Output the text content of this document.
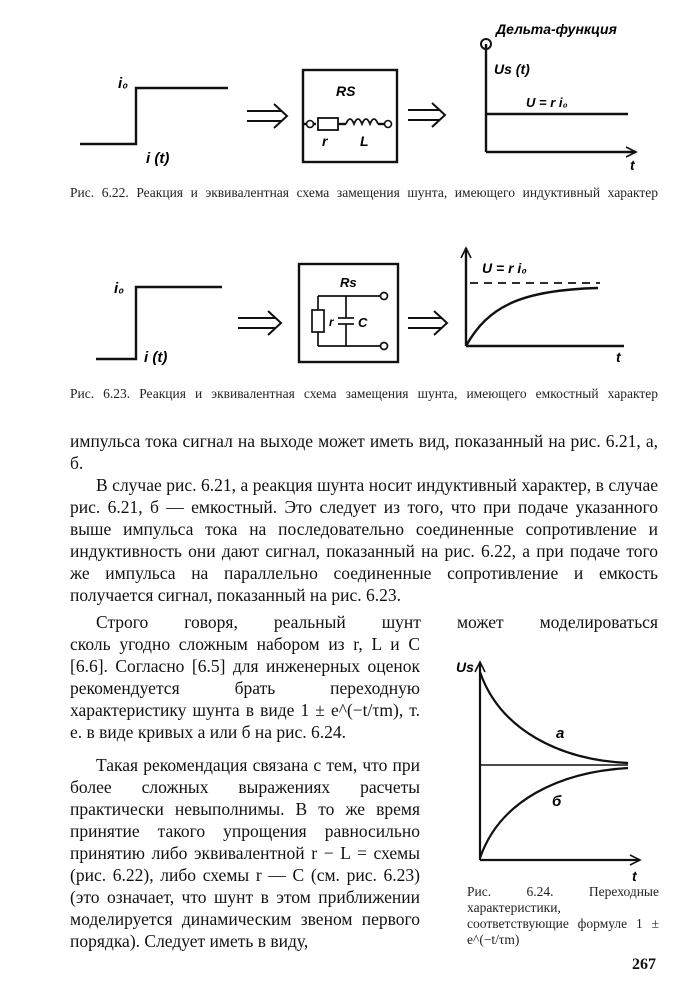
i₀
i (t)
RS
r L
Дельта-функция
Us (t)
U = r i₀
t
Рис. 6.22. Реакция и эквивалентная схема замещения шунта, имеющего индуктивный характер
i₀
i (t)
Rs
r C
U = r i₀
t
Рис. 6.23. Реакция и эквивалентная схема замещения шунта, имеющего емкостный характер
импульса тока сигнал на выходе может иметь вид, показанный на рис. 6.21, а, б.
В случае рис. 6.21, а реакция шунта носит индуктивный характер, в случае рис. 6.21, б — емкостный. Это следует из того, что при подаче указанного выше импульса тока на последовательно соединенные сопротивление и индуктивность они дают сигнал, показанный на рис. 6.22, а при подаче того же импульса на параллельно соединенные сопротивление и емкость получается сигнал, показанный на рис. 6.23.
Строго говоря, реальный шунт может моделироваться
сколь угодно сложным набором из r, L и C [6.6]. Согласно [6.5] для инженерных оценок рекомендуется брать переходную характеристику шунта в виде 1 ± e^(−t/τm), т. е. в виде кривых а или б на рис. 6.24.
Такая рекомендация связана с тем, что при более сложных выражениях расчеты практически невыполнимы. В то же время принятие такого упрощения равносильно принятию либо эквивалентной r − L = схемы (рис. 6.22), либо схемы r — C (см. рис. 6.23) (это означает, что шунт в этом приближении моделируется динамическим звеном первого порядка). Следует иметь в виду,
Us
a
б
t
Рис. 6.24. Переходные характеристики, соответствующие формуле 1 ± e^(−t/τm)
267
